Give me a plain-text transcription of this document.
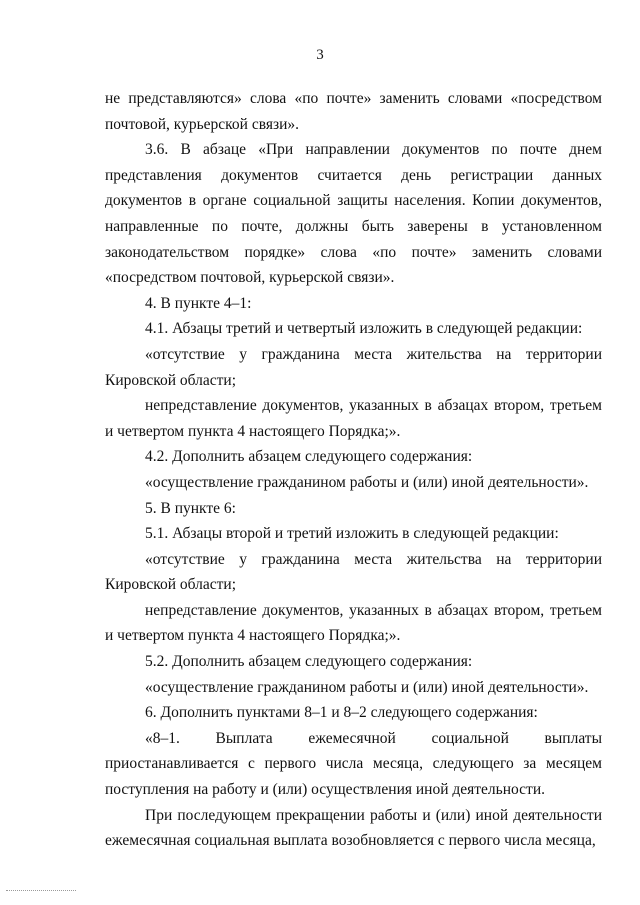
3

не представляются» слова «по почте» заменить словами «посредством почтовой, курьерской связи».

3.6. В абзаце «При направлении документов по почте днем представления документов считается день регистрации данных документов в органе социальной защиты населения. Копии документов, направленные по почте, должны быть заверены в установленном законодательством порядке» слова «по почте» заменить словами «посредством почтовой, курьерской связи».

4. В пункте 4–1:

4.1. Абзацы третий и четвертый изложить в следующей редакции:

«отсутствие у гражданина места жительства на территории Кировской области;

непредставление документов, указанных в абзацах втором, третьем и четвертом пункта 4 настоящего Порядка;».

4.2. Дополнить абзацем следующего содержания:

«осуществление гражданином работы и (или) иной деятельности».

5. В пункте 6:

5.1. Абзацы второй и третий изложить в следующей редакции:

«отсутствие у гражданина места жительства на территории Кировской области;

непредставление документов, указанных в абзацах втором, третьем и четвертом пункта 4 настоящего Порядка;».

5.2. Дополнить абзацем следующего содержания:

«осуществление гражданином работы и (или) иной деятельности».

6. Дополнить пунктами 8–1 и 8–2 следующего содержания:

«8–1. Выплата ежемесячной социальной выплаты приостанавливается с первого числа месяца, следующего за месяцем поступления на работу и (или) осуществления иной деятельности.

При последующем прекращении работы и (или) иной деятельности ежемесячная социальная выплата возобновляется с первого числа месяца,
